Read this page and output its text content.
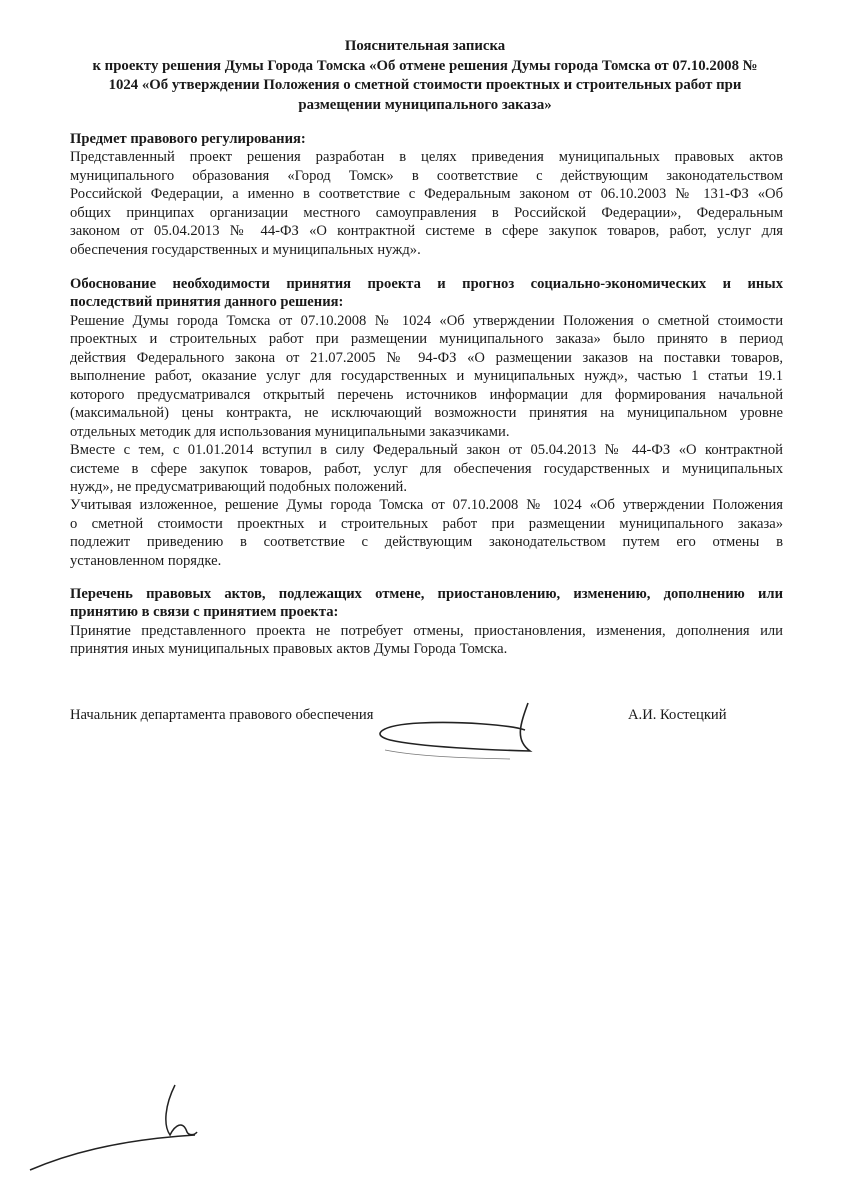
Пояснительная записка
к проекту решения Думы Города Томска «Об отмене решения Думы города Томска от 07.10.2008 №
1024 «Об утверждении Положения о сметной стоимости проектных и строительных работ при
размещении муниципального заказа»
Предмет правового регулирования:
Представленный проект решения разработан в целях приведения муниципальных правовых актов
муниципального образования «Город Томск» в соответствие с действующим законодательством
Российской Федерации, а именно в соответствие с Федеральным законом от 06.10.2003 № 131-ФЗ «Об
общих принципах организации местного самоуправления в Российской Федерации», Федеральным
законом от 05.04.2013 № 44-ФЗ «О контрактной системе в сфере закупок товаров, работ, услуг для
обеспечения государственных и муниципальных нужд».
Обоснование необходимости принятия проекта и прогноз социально-экономических и иных
последствий принятия данного решения:
Решение Думы города Томска от 07.10.2008 № 1024 «Об утверждении Положения о сметной стоимости
проектных и строительных работ при размещении муниципального заказа» было принято в период
действия Федерального закона от 21.07.2005 № 94-ФЗ «О размещении заказов на поставки товаров,
выполнение работ, оказание услуг для государственных и муниципальных нужд», частью 1 статьи 19.1
которого предусматривался открытый перечень источников информации для формирования начальной
(максимальной) цены контракта, не исключающий возможности принятия на муниципальном уровне
отдельных методик для использования муниципальными заказчиками.
Вместе с тем, с 01.01.2014 вступил в силу Федеральный закон от 05.04.2013 № 44-ФЗ «О контрактной
системе в сфере закупок товаров, работ, услуг для обеспечения государственных и муниципальных
нужд», не предусматривающий подобных положений.
Учитывая изложенное, решение Думы города Томска от 07.10.2008 № 1024 «Об утверждении Положения
о сметной стоимости проектных и строительных работ при размещении муниципального заказа»
подлежит приведению в соответствие с действующим законодательством путем его отмены в
установленном порядке.
Перечень правовых актов, подлежащих отмене, приостановлению, изменению, дополнению или
принятию в связи с принятием проекта:
Принятие представленного проекта не потребует отмены, приостановления, изменения, дополнения или
принятия иных муниципальных правовых актов Думы Города Томска.
Начальник департамента правового обеспечения	А.И. Костецкий
